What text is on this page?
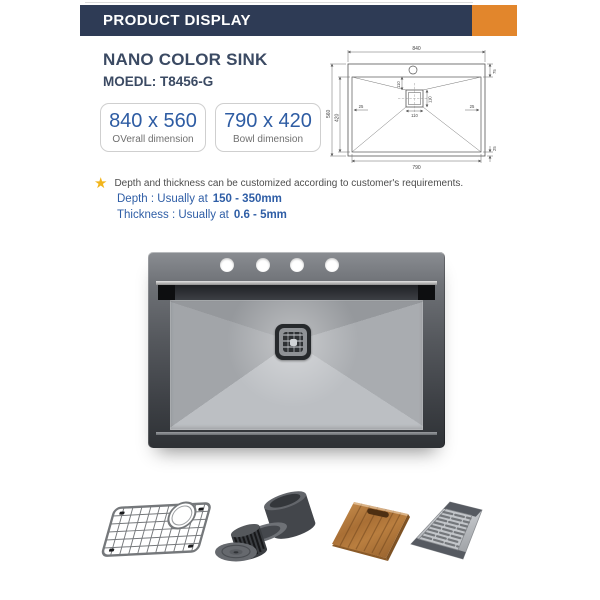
PRODUCT DISPLAY
NANO COLOR SINK
MOEDL: T8456-G
840 x 560
OVerall dimension
790 x 420
Bowl dimension
840
790
560 420
25	25
75
25
110
110
110
★ Depth and thickness can be customized according to customer's requirements.
Depth : Usually at 150 - 350mm
Thickness : Usually at 0.6 - 5mm
